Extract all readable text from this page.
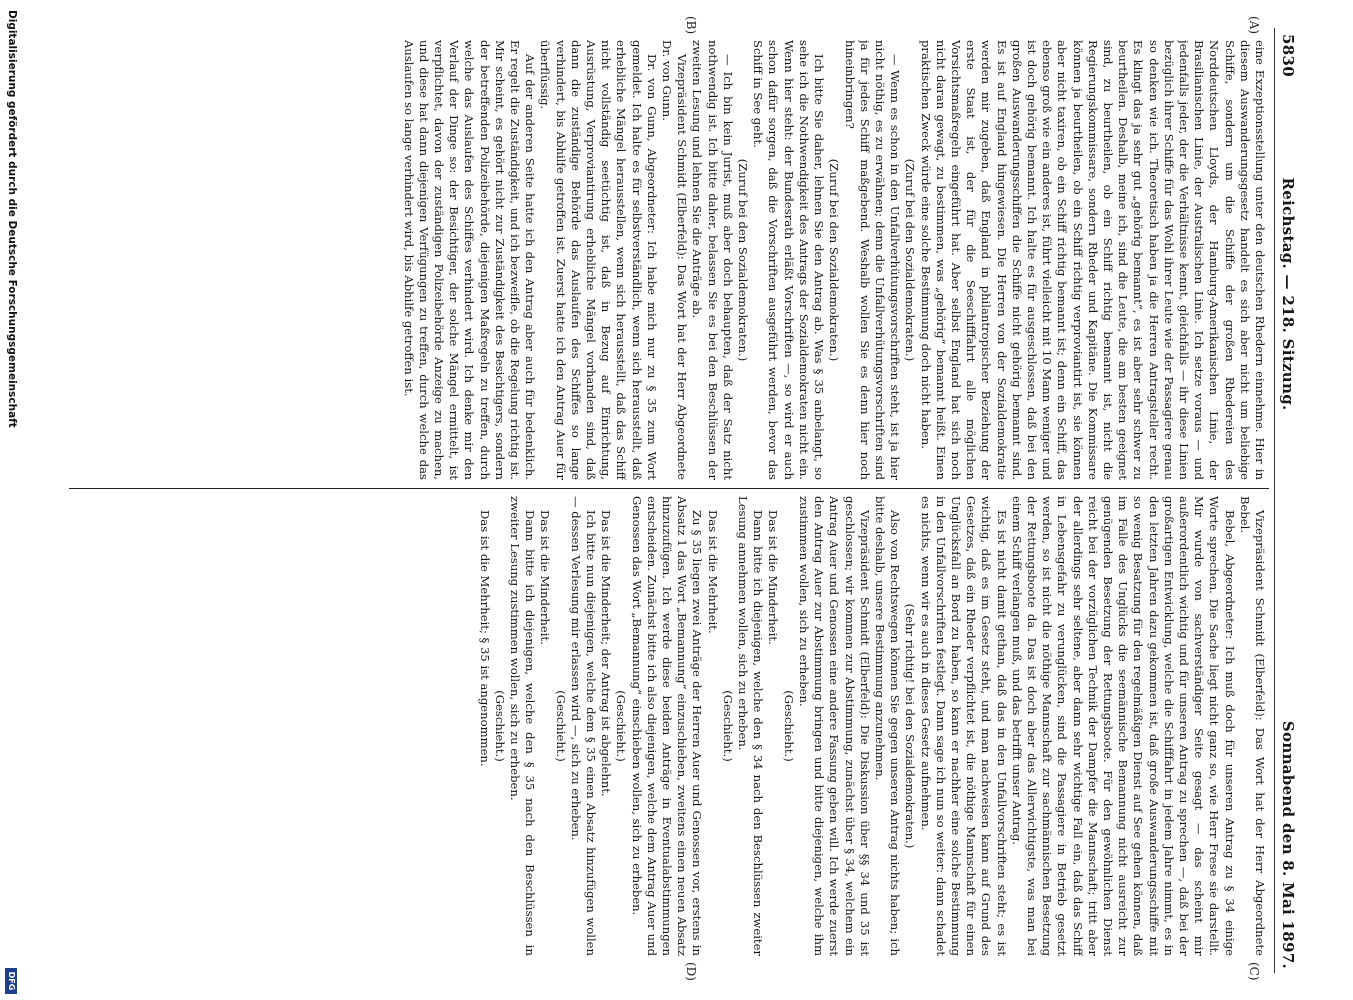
5830
Reichstag. — 218. Sitzung.
Sonnabend den 8. Mai 1897.
(A)
(B)
(C)
(D)

eine Exzeptionsstellung unter den deutschen Rhedern einnehme. Hier in diesem Auswanderungsgesetz handelt es sich aber nicht um beliebige Schiffe, sondern um die Schiffe der großen Rhedereien des Norddeutschen Lloyds, der Hamburg-Amerikanischen Linie, der Brasilianischen Linie, der Australischen Linie. Ich setze voraus — und jedenfalls jeder, der die Verhältnisse kennt, gleichfalls — ihr diese Linien bezüglich ihrer Schiffe für das Wohl ihrer Leute wie der Passagiere genau so denken wie ich. Theoretisch haben ja die Herren Antragsteller recht. Es klingt das ja sehr gut „gehörig bemannt“, es ist aber sehr schwer zu beurtheilen. Deshalb, meine ich, sind die Leute, die am besten geeignet sind, zu beurtheilen, ob ein Schiff richtig bemannt ist, nicht die Regierungskommissare, sondern Rheder und Kapitäne. Die Kommissare können ja beurtheilen, ob ein Schiff richtig verproviantirt ist, sie können aber nicht taxiren, ob ein Schiff richtig bemannt ist; denn ein Schiff, das ebenso groß wie ein anderes ist, führt vielleicht mit 10 Mann weniger und ist doch gehörig bemannt. Ich halte es für ausgeschlossen, daß bei den großen Auswanderungsschiffen die Schiffe nicht gehörig bemannt sind. Es ist auf England hingewiesen. Die Herren von der Sozialdemokratie werden mir zugeben, daß England in philantropischer Beziehung der erste Staat ist, der für die Seeschifffahrt alle möglichen Vorsichtsmaßregeln eingeführt hat. Aber selbst England hat sich noch nicht daran gewagt, zu bestimmen, was „gehörig“ bemannt heißt. Einen praktischen Zweck würde eine solche Bestimmung doch nicht haben.

(Zuruf bei den Sozialdemokraten.)

— Wenn es schon in den Unfallverhütungsvorschriften steht, ist ja hier nicht nöthig, es zu erwähnen; denn die Unfallverhütungsvorschriften sind ja für jedes Schiff maßgebend. Weshalb wollen Sie es denn hier noch hineinbringen?

(Zuruf bei den Sozialdemokraten.)

Ich bitte Sie daher, lehnen Sie den Antrag ab. Was § 35 anbelangt, so sehe ich die Nothwendigkeit des Antrags der Sozialdemokraten nicht ein. Wenn hier steht: der Bundesrath erläßt Vorschriften —, so wird er auch schon dafür sorgen, daß die Vorschriften ausgeführt werden, bevor das Schiff in See geht.

(Zuruf bei den Sozialdemokraten.)

— Ich bin kein Jurist, muß aber doch behaupten, daß der Satz nicht nothwendig ist. Ich bitte daher, belassen Sie es bei den Beschlüssen der zweiten Lesung und lehnen Sie die Anträge ab.

Vizepräsident Schmidt (Elberfeld): Das Wort hat der Herr Abgeordnete Dr. von Gunn.

Dr. von Gunn, Abgeordneter: Ich habe mich nur zu § 35 zum Wort gemeldet. Ich halte es für selbstverständlich, wenn sich herausstellt, daß erhebliche Mängel herausstellen, wenn sich herausstellt, daß das Schiff nicht vollständig seetüchtig ist, daß in Bezug auf Einrichtung, Ausrüstung, Verproviantirung erhebliche Mängel vorhanden sind, daß dann die zuständige Behörde das Auslaufen des Schiffes so lange verhindert, bis Abhilfe getroffen ist. Zuerst hatte ich den Antrag Auer für überflüssig.

Auf der anderen Seite hatte ich den Antrag aber auch für bedenklich. Er regelt die Zuständigkeit, und ich bezweifle, ob die Regelung richtig ist. Mir scheint, es gehört nicht zur Zuständigkeit des Besichtigers, sondern der betreffenden Polizeibehörde, diejenigen Maßregeln zu treffen, durch welche das Auslaufen des Schiffes verhindert wird. Ich denke mir den Verlauf der Dinge so: der Besichtiger, der solche Mängel ermittelt, ist verpflichtet, davon der zuständigen Polizeibehörde Anzeige zu machen, und diese hat dann diejenigen Verfügungen zu treffen, durch welche das Auslaufen so lange verhindert wird, bis Abhilfe getroffen ist.

Vizepräsident Schmidt (Elberfeld): Das Wort hat der Herr Abgeordnete Bebel.

Bebel, Abgeordneter: Ich muß doch für unseren Antrag zu § 34 einige Worte sprechen. Die Sache liegt nicht ganz so, wie Herr Frese sie darstellt. Mir wurde von sachverständiger Seite gesagt — das scheint mir außerordentlich wichtig und für unseren Antrag zu sprechen —, daß bei der großartigen Entwicklung, welche die Schifffahrt in jedem Jahre nimmt, es in den letzten Jahren dazu gekommen ist, daß große Auswanderungsschiffe mit so wenig Besatzung für den regelmäßigen Dienst auf See gehen können, daß im Falle des Unglücks die seemännische Bemannung nicht ausreicht zur genügenden Besetzung der Rettungsboote. Für den gewöhnlichen Dienst reicht bei der vorzüglichen Technik der Dampfer die Mannschaft; tritt aber der allerdings sehr seltene, aber dann sehr wichtige Fall ein, daß das Schiff in Lebensgefahr zu verunglücken, sind die Passagiere in Betrieb gesetzt werden, so ist nicht die nöthige Mannschaft zur sachmännischen Besetzung der Rettungsboote da. Das ist doch aber das Allerwichtigste, was man bei einem Schiff verlangen muß, und das betrifft unser Antrag.

Es ist nicht damit gethan, daß das in den Unfallvorschriften steht; es ist wichtig, daß es im Gesetz steht, und man nachweisen kann auf Grund des Gesetzes, daß ein Rheder verpflichtet ist, die nöthige Mannschaft für einen Unglücksfall an Bord zu haben, so kann er nachher eine solche Bestimmung in den Unfallvorschriften festlegt. Dann sage ich nun so weiter: dann schadet es nichts, wenn wir es auch in dieses Gesetz aufnehmen.

(Sehr richtig! bei den Sozialdemokraten.)

Also von Rechtswegen können Sie gegen unseren Antrag nichts haben; ich bitte deshalb, unsere Bestimmung anzunehmen.

Vizepräsident Schmidt (Elberfeld): Die Diskussion über §§ 34 und 35 ist geschlossen; wir kommen zur Abstimmung, zunächst über § 34, welchem ein Antrag Auer und Genossen eine andere Fassung geben will. Ich werde zuerst den Antrag Auer zur Abstimmung bringen und bitte diejenigen, welche ihm zustimmen wollen, sich zu erheben.

(Geschieht.)

Das ist die Minderheit.

Dann bitte ich diejenigen, welche den § 34 nach den Beschlüssen zweiter Lesung annehmen wollen, sich zu erheben.

(Geschieht.)

Das ist die Mehrheit.

Zu § 35 liegen zwei Anträge der Herren Auer und Genossen vor, erstens in Absatz 1 das Wort „Bemannung“ einzuschieben, zweitens einen neuen Absatz hinzuzufügen. Ich werde diese beiden Anträge in Eventualabstimmungen entscheiden. Zunächst bitte ich also diejenigen, welche dem Antrag Auer und Genossen das Wort „Bemannung“ einschieben wollen, sich zu erheben.

(Geschieht.)

Das ist die Minderheit; der Antrag ist abgelehnt.

Ich bitte nun diejenigen, welche dem § 35 einen Absatz hinzufügen wollen — dessen Verlesung mir erlassen wird —, sich zu erheben.

(Geschieht.)

Das ist die Minderheit.

Dann bitte ich diejenigen, welche den § 35 nach den Beschlüssen in zweiter Lesung zustimmen wollen, sich zu erheben.

(Geschieht.)

Das ist die Mehrheit; § 35 ist angenommen.

Digitalisierung gefördert durch die Deutsche Forschungsgemeinschaft
DFG
